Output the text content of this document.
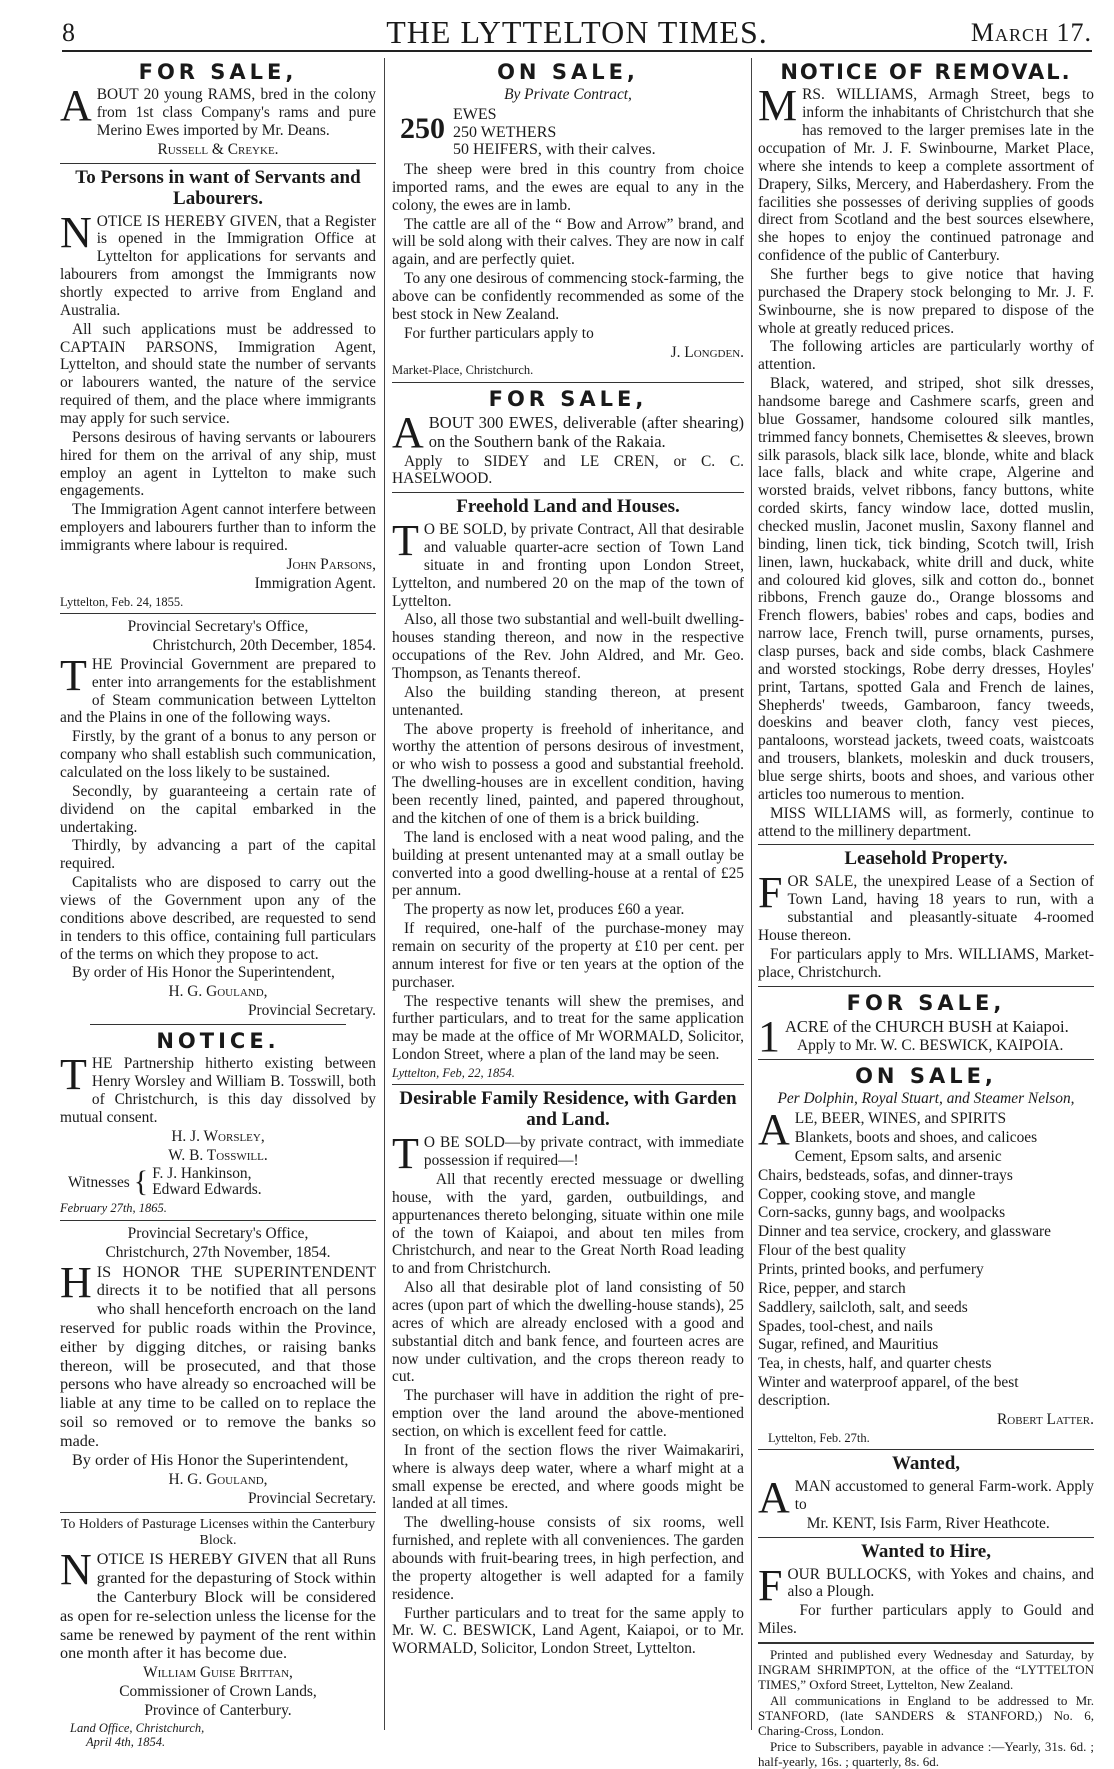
8	THE LYTTELTON TIMES.	March 17.
FOR SALE,

ABOUT 20 young RAMS, bred in the colony from 1st class Company's rams and pure Merino Ewes imported by Mr. Deans.

Russell & Creyke.
To Persons in want of Servants and Labourers.

NOTICE IS HEREBY GIVEN, that a Register is opened in the Immigration Office at Lyttelton for applications for servants and labourers from amongst the Immigrants now shortly expected to arrive from England and Australia.

All such applications must be addressed to CAPTAIN PARSONS, Immigration Agent, Lyttelton, and should state the number of servants or labourers wanted, the nature of the service required of them, and the place where immigrants may apply for such service.

Persons desirous of having servants or labourers hired for them on the arrival of any ship, must employ an agent in Lyttelton to make such engagements.

The Immigration Agent cannot interfere between employers and labourers further than to inform the immigrants where labour is required.

John Parsons,
Immigration Agent.
Lyttelton, Feb. 24, 1855.
Provincial Secretary's Office,
Christchurch, 20th December, 1854.

THE Provincial Government are prepared to enter into arrangements for the establishment of Steam communication between Lyttelton and the Plains in one of the following ways.

Firstly, by the grant of a bonus to any person or company who shall establish such communication, calculated on the loss likely to be sustained.

Secondly, by guaranteeing a certain rate of dividend on the capital embarked in the undertaking.

Thirdly, by advancing a part of the capital required.

Capitalists who are disposed to carry out the views of the Government upon any of the conditions above described, are requested to send in tenders to this office, containing full particulars of the terms on which they propose to act.

By order of His Honor the Superintendent,

H. G. Gouland,
Provincial Secretary.
NOTICE.

THE Partnership hitherto existing between Henry Worsley and William B. Tosswill, both of Christchurch, is this day dissolved by mutual consent.

H. J. Worsley,
W. B. Tosswill.
Witnesses { F. J. Hankinson,
Edward Edwards.
February 27th, 1865.
Provincial Secretary's Office,
Christchurch, 27th November, 1854.

HIS HONOR THE SUPERINTENDENT directs it to be notified that all persons who shall henceforth encroach on the land reserved for public roads within the Province, either by digging ditches, or raising banks thereon, will be prosecuted, and that those persons who have already so encroached will be liable at any time to be called on to replace the soil so removed or to remove the banks so made.

By order of His Honor the Superintendent,

H. G. Gouland,
Provincial Secretary.
To Holders of Pasturage Licenses within the Canterbury Block.

NOTICE IS HEREBY GIVEN that all Runs granted for the depasturing of Stock within the Canterbury Block will be considered as open for re-selection unless the license for the same be renewed by payment of the rent within one month after it has become due.

William Guise Brittan,
Commissioner of Crown Lands,
Province of Canterbury.
Land Office, Christchurch,
April 4th, 1854.
ON SALE,
By Private Contract,
250 EWES
250 WETHERS
50 HEIFERS, with their calves.

The sheep were bred in this country from choice imported rams, and the ewes are equal to any in the colony, the ewes are in lamb.

The cattle are all of the “ Bow and Arrow” brand, and will be sold along with their calves. They are now in calf again, and are perfectly quiet.

To any one desirous of commencing stock-farming, the above can be confidently recommended as some of the best stock in New Zealand.

For further particulars apply to

J. Longden.
Market-Place, Christchurch.
FOR SALE,

ABOUT 300 EWES, deliverable (after shearing) on the Southern bank of the Rakaia.

Apply to SIDEY and LE CREN, or C. C. HASELWOOD.

Freehold Land and Houses.

T O BE SOLD, by private Contract, All that desirable and valuable quarter-acre section of Town Land situate in and fronting upon London Street, Lyttelton, and numbered 20 on the map of the town of Lyttelton.

Also, all those two substantial and well-built dwelling-houses standing thereon, and now in the respective occupations of the Rev. John Aldred, and Mr. Geo. Thompson, as Tenants thereof.

Also the building standing thereon, at present untenanted.

The above property is freehold of inheritance, and worthy the attention of persons desirous of investment, or who wish to possess a good and substantial freehold. The dwelling-houses are in excellent condition, having been recently lined, painted, and papered throughout, and the kitchen of one of them is a brick building.

The land is enclosed with a neat wood paling, and the building at present untenanted may at a small outlay be converted into a good dwelling-house at a rental of £25 per annum.

The property as now let, produces £60 a year.

If required, one-half of the purchase-money may remain on security of the property at £10 per cent. per annum interest for five or ten years at the option of the purchaser.

The respective tenants will shew the premises, and further particulars, and to treat for the same application may be made at the office of Mr WORMALD, Solicitor, London Street, where a plan of the land may be seen.

Lyttelton, Feb, 22, 1854.
Desirable Family Residence, with Garden and Land.

T O BE SOLD—by private contract, with immediate possession if required—!

All that recently erected messuage or dwelling house, with the yard, garden, outbuildings, and appurtenances thereto belonging, situate within one mile of the town of Kaiapoi, and about ten miles from Christchurch, and near to the Great North Road leading to and from Christchurch.

Also all that desirable plot of land consisting of 50 acres (upon part of which the dwelling-house stands), 25 acres of which are already enclosed with a good and substantial ditch and bank fence, and fourteen acres are now under cultivation, and the crops thereon ready to cut.

The purchaser will have in addition the right of pre-emption over the land around the above-mentioned section, on which is excellent feed for cattle.

In front of the section flows the river Waimakariri, where is always deep water, where a wharf might at a small expense be erected, and where goods might be landed at all times.

The dwelling-house consists of six rooms, well furnished, and replete with all conveniences. The garden abounds with fruit-bearing trees, in high perfection, and the property altogether is well adapted for a family residence.

Further particulars and to treat for the same apply to Mr. W. C. BESWICK, Land Agent, Kaiapoi, or to Mr. WORMALD, Solicitor, London Street, Lyttelton.

NOTICE OF REMOVAL.

MRS. WILLIAMS, Armagh Street, begs to inform the inhabitants of Christchurch that she has removed to the larger premises late in the occupation of Mr. J. F. Swinbourne, Market Place, where she intends to keep a complete assortment of Drapery, Silks, Mercery, and Haberdashery. From the facilities she possesses of deriving supplies of goods direct from Scotland and the best sources elsewhere, she hopes to enjoy the continued patronage and confidence of the public of Canterbury.

She further begs to give notice that having purchased the Drapery stock belonging to Mr. J. F. Swinbourne, she is now prepared to dispose of the whole at greatly reduced prices.

The following articles are particularly worthy of attention.

Black, watered, and striped, shot silk dresses, handsome barege and Cashmere scarfs, green and blue Gossamer, handsome coloured silk mantles, trimmed fancy bonnets, Chemisettes & sleeves, brown silk parasols, black silk lace, blonde, white and black lace falls, black and white crape, Algerine and worsted braids, velvet ribbons, fancy buttons, white corded skirts, fancy window lace, dotted muslin, checked muslin, Jaconet muslin, Saxony flannel and binding, linen tick, tick binding, Scotch twill, Irish linen, lawn, huckaback, white drill and duck, white and coloured kid gloves, silk and cotton do., bonnet ribbons, French gauze do., Orange blossoms and French flowers, babies' robes and caps, bodies and narrow lace, French twill, purse ornaments, purses, clasp purses, back and side combs, black Cashmere and worsted stockings, Robe derry dresses, Hoyles' print, Tartans, spotted Gala and French de laines, Shepherds' tweeds, Gambaroon, fancy tweeds, doeskins and beaver cloth, fancy vest pieces, pantaloons, worstead jackets, tweed coats, waistcoats and trousers, blankets, moleskin and duck trousers, blue serge shirts, boots and shoes, and various other articles too numerous to mention.

MISS WILLIAMS will, as formerly, continue to attend to the millinery department.

Leasehold Property.

FOR SALE, the unexpired Lease of a Section of Town Land, having 18 years to run, with a substantial and pleasantly-situate 4-roomed House thereon.

For particulars apply to Mrs. WILLIAMS, Market-place, Christchurch.

FOR SALE,

1 ACRE of the CHURCH BUSH at Kaiapoi.

Apply to Mr. W. C. BESWICK, KAIPOIA.

ON SALE,
Per Dolphin, Royal Stuart, and Steamer Nelson,

ALE, BEER, WINES, and SPIRITS

Blankets, boots and shoes, and calicoes

Cement, Epsom salts, and arsenic

Chairs, bedsteads, sofas, and dinner-trays

Copper, cooking stove, and mangle

Corn-sacks, gunny bags, and woolpacks

Dinner and tea service, crockery, and glassware

Flour of the best quality

Prints, printed books, and perfumery

Rice, pepper, and starch

Saddlery, sailcloth, salt, and seeds

Spades, tool-chest, and nails

Sugar, refined, and Mauritius

Tea, in chests, half, and quarter chests

Winter and waterproof apparel, of the best description.

Robert Latter.
Lyttelton, Feb. 27th.
Wanted,

AMAN accustomed to general Farm-work. Apply to

Mr. KENT, Isis Farm, River Heathcote.

Wanted to Hire,

FOUR BULLOCKS, with Yokes and chains, and also a Plough.

For further particulars apply to Gould and Miles.

Printed and published every Wednesday and Saturday, by INGRAM SHRIMPTON, at the office of the “LYTTELTON TIMES,” Oxford Street, Lyttelton, New Zealand.

All communications in England to be addressed to Mr. STANFORD, (late SANDERS & STANFORD,) No. 6, Charing-Cross, London.

Price to Subscribers, payable in advance :—Yearly, 31s. 6d. ; half-yearly, 16s. ; quarterly, 8s. 6d.
